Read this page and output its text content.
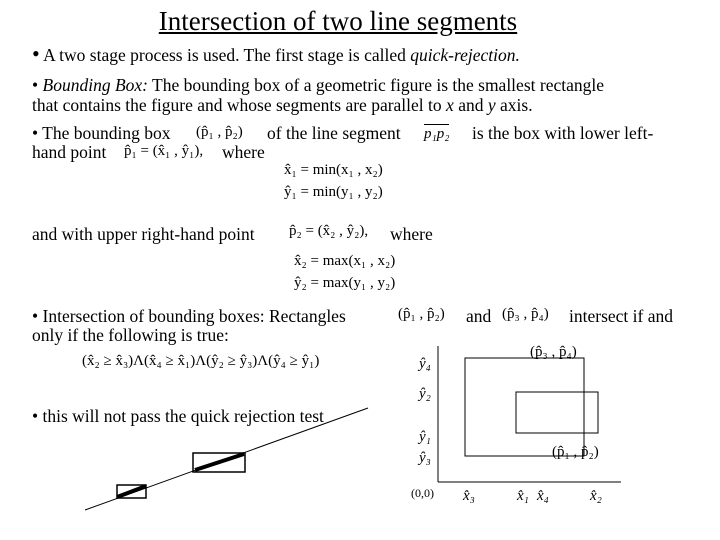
Intersection of two line segments
• A two stage process is used. The first stage is called quick-rejection.
• Bounding Box: The bounding box of a geometric figure is the smallest rectangle
that contains the figure and whose segments are parallel to x and y axis.
• The bounding box (p̂₁ , p̂₂) of the line segment p₁p₂ is the box with lower left-
hand point p̂₁ = (x̂₁ , ŷ₁), where
x̂₁ = min(x₁ , x₂)
ŷ₁ = min(y₁ , y₂)
and with upper right-hand point p̂₂ = (x̂₂ , ŷ₂), where
x̂₂ = max(x₁ , x₂)
ŷ₂ = max(y₁ , y₂)
• Intersection of bounding boxes: Rectangles	(p̂₁ , p̂₂) and (p̂₃ , p̂₄) intersect if and
only if the following is true:
(x̂₂ ≥ x̂₃)Λ(x̂₄ ≥ x̂₁)Λ(ŷ₂ ≥ ŷ₃)Λ(ŷ₄ ≥ ŷ₁)
• this will not pass the quick rejection test
ŷ₄
ŷ₂
ŷ₁
ŷ₃
x̂₃	x̂₁ x̂₄	x̂₂
(0,0)
(p̂₃ , p̂₄)
(p̂₁ , p̂₂)
